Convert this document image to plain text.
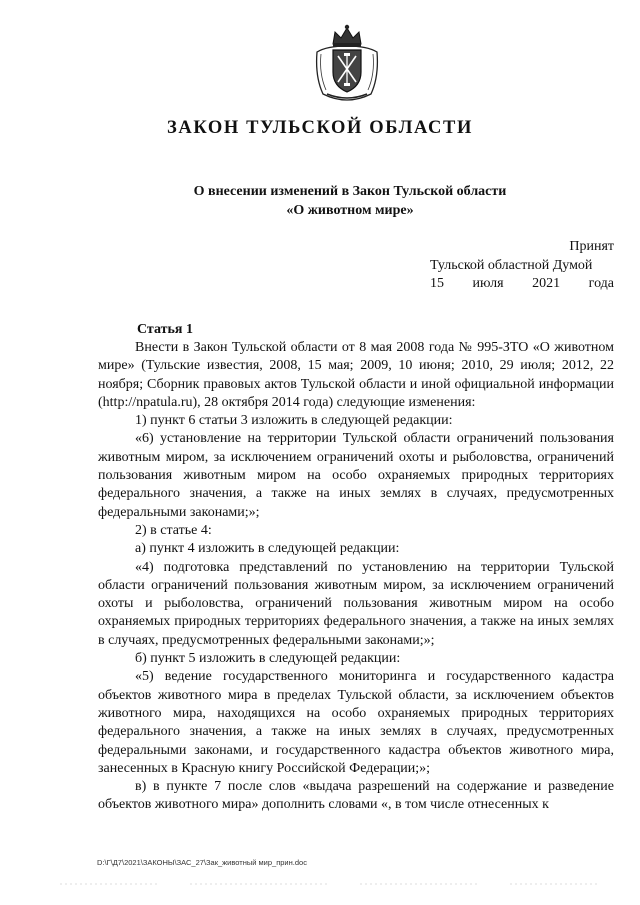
ЗАКОН ТУЛЬСКОЙ ОБЛАСТИ
О внесении изменений в Закон Тульской области
«О животном мире»
Принят
Тульской областной Думой
15 июля 2021 года
Статья 1

Внести в Закон Тульской области от 8 мая 2008 года № 995-ЗТО «О животном мире» (Тульские известия, 2008, 15 мая; 2009, 10 июня; 2010, 29 июля; 2012, 22 ноября; Сборник правовых актов Тульской области и иной официальной информации (http://npatula.ru), 28 октября 2014 года) следующие изменения:

1) пункт 6 статьи 3 изложить в следующей редакции:

«6) установление на территории Тульской области ограничений пользования животным миром, за исключением ограничений охоты и рыболовства, ограничений пользования животным миром на особо охраняемых природных территориях федерального значения, а также на иных землях в случаях, предусмотренных федеральными законами;»;

2) в статье 4:

а) пункт 4 изложить в следующей редакции:

«4) подготовка представлений по установлению на территории Тульской области ограничений пользования животным миром, за исключением ограничений охоты и рыболовства, ограничений пользования животным миром на особо охраняемых природных территориях федерального значения, а также на иных землях в случаях, предусмотренных федеральными законами;»;

б) пункт 5 изложить в следующей редакции:

«5) ведение государственного мониторинга и государственного кадастра объектов животного мира в пределах Тульской области, за исключением объектов животного мира, находящихся на особо охраняемых природных территориях федерального значения, а также на иных землях в случаях, предусмотренных федеральными законами, и государственного кадастра объектов животного мира, занесенных в Красную книгу Российской Федерации;»;

в) в пункте 7 после слов «выдача разрешений на содержание и разведение объектов животного мира» дополнить словами «, в том числе отнесенных к

D:\Г\Д7\2021\ЗАКОНЫ\ЗАС_27\Зак_животный мир_прин.doc
